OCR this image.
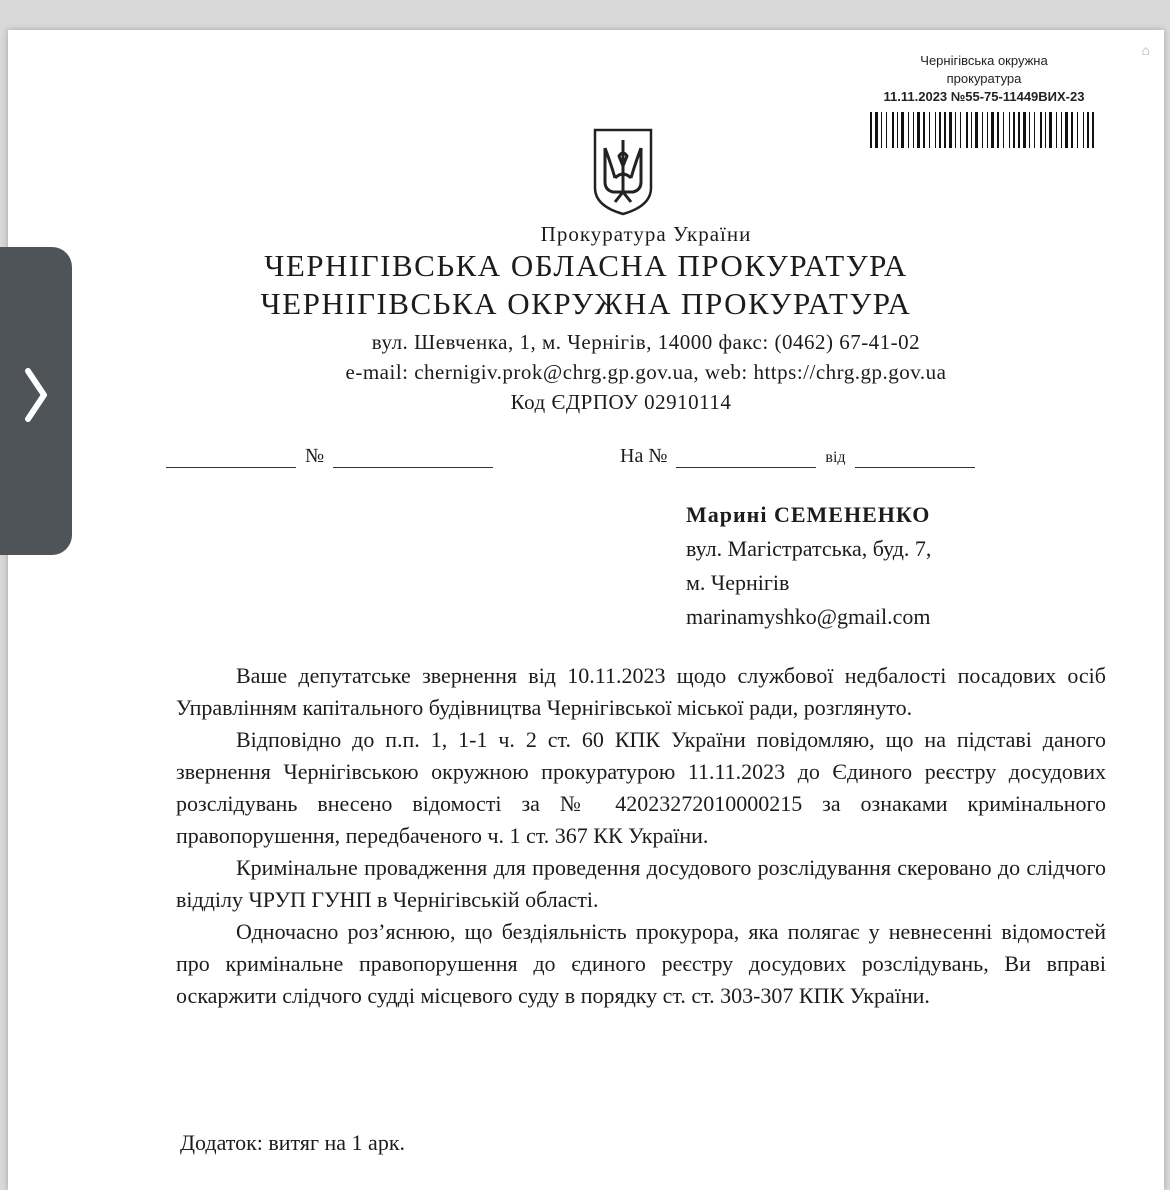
⌂
Чернігівська окружна
прокуратура
11.11.2023 №55-75-11449ВИХ-23
Прокуратура України
ЧЕРНІГІВСЬКА ОБЛАСНА ПРОКУРАТУРА
ЧЕРНІГІВСЬКА ОКРУЖНА ПРОКУРАТУРА
вул. Шевченка, 1, м. Чернігів, 14000 факс: (0462) 67-41-02
e-mail: chernigiv.prok@chrg.gp.gov.ua, web: https://chrg.gp.gov.ua
Код ЄДРПОУ 02910114
№	На №	від
Марині СЕМЕНЕНКО
вул. Магістратська, буд. 7,
м. Чернігів
marinamyshko@gmail.com

Ваше депутатське звернення від 10.11.2023 щодо службової недбалості посадових осіб Управлінням капітального будівництва Чернігівської міської ради, розглянуто.

Відповідно до п.п. 1, 1-1 ч. 2 ст. 60 КПК України повідомляю, що на підставі даного звернення Чернігівською окружною прокуратурою 11.11.2023 до Єдиного реєстру досудових розслідувань внесено відомості за № 42023272010000215 за ознаками кримінального правопорушення, передбаченого ч. 1 ст. 367 КК України.

Кримінальне провадження для проведення досудового розслідування скеровано до слідчого відділу ЧРУП ГУНП в Чернігівській області.

Одночасно роз’яснюю, що бездіяльність прокурора, яка полягає у невнесенні відомостей про кримінальне правопорушення до єдиного реєстру досудових розслідувань, Ви вправі оскаржити слідчого судді місцевого суду в порядку ст. ст. 303-307 КПК України.

Додаток: витяг на 1 арк.
